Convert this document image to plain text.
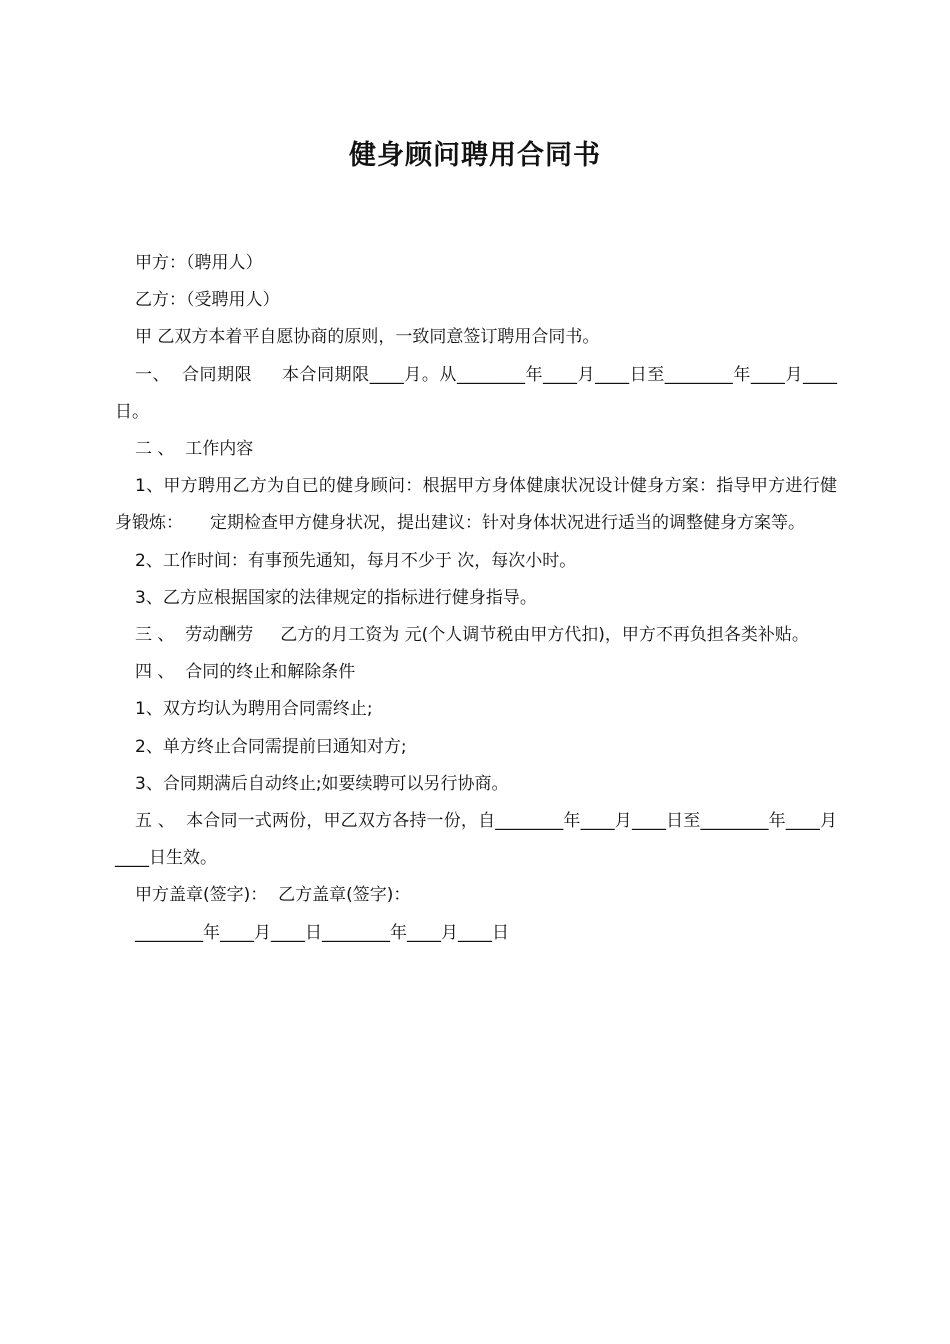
健身顾问聘用合同书

甲方：（聘用人）

乙方：（受聘用人）

甲 乙双方本着平自愿协商的原则，一致同意签订聘用合同书。

一、  合同期限     本合同期限____月。从________年____月____日至________年____月____日。

二 、  工作内容

1、甲方聘用乙方为自已的健身顾问：根据甲方身体健康状况设计健身方案：指导甲方进行健身锻炼：     定期检查甲方健身状况，提出建议：针对身体状况进行适当的调整健身方案等。

2、工作时间：有事预先通知，每月不少于 次，每次小时。

3、乙方应根据国家的法律规定的指标进行健身指导。

三 、  劳动酬劳     乙方的月工资为 元(个人调节税由甲方代扣)，甲方不再负担各类补贴。

四 、  合同的终止和解除条件

1、双方均认为聘用合同需终止;

2、单方终止合同需提前曰通知对方;

3、合同期满后自动终止;如要续聘可以另行协商。

五 、  本合同一式两份，甲乙双方各持一份，自________年____月____日至________年____月____日生效。

甲方盖章(签字)：  乙方盖章(签字)：

________年____月____日________年____月____日
